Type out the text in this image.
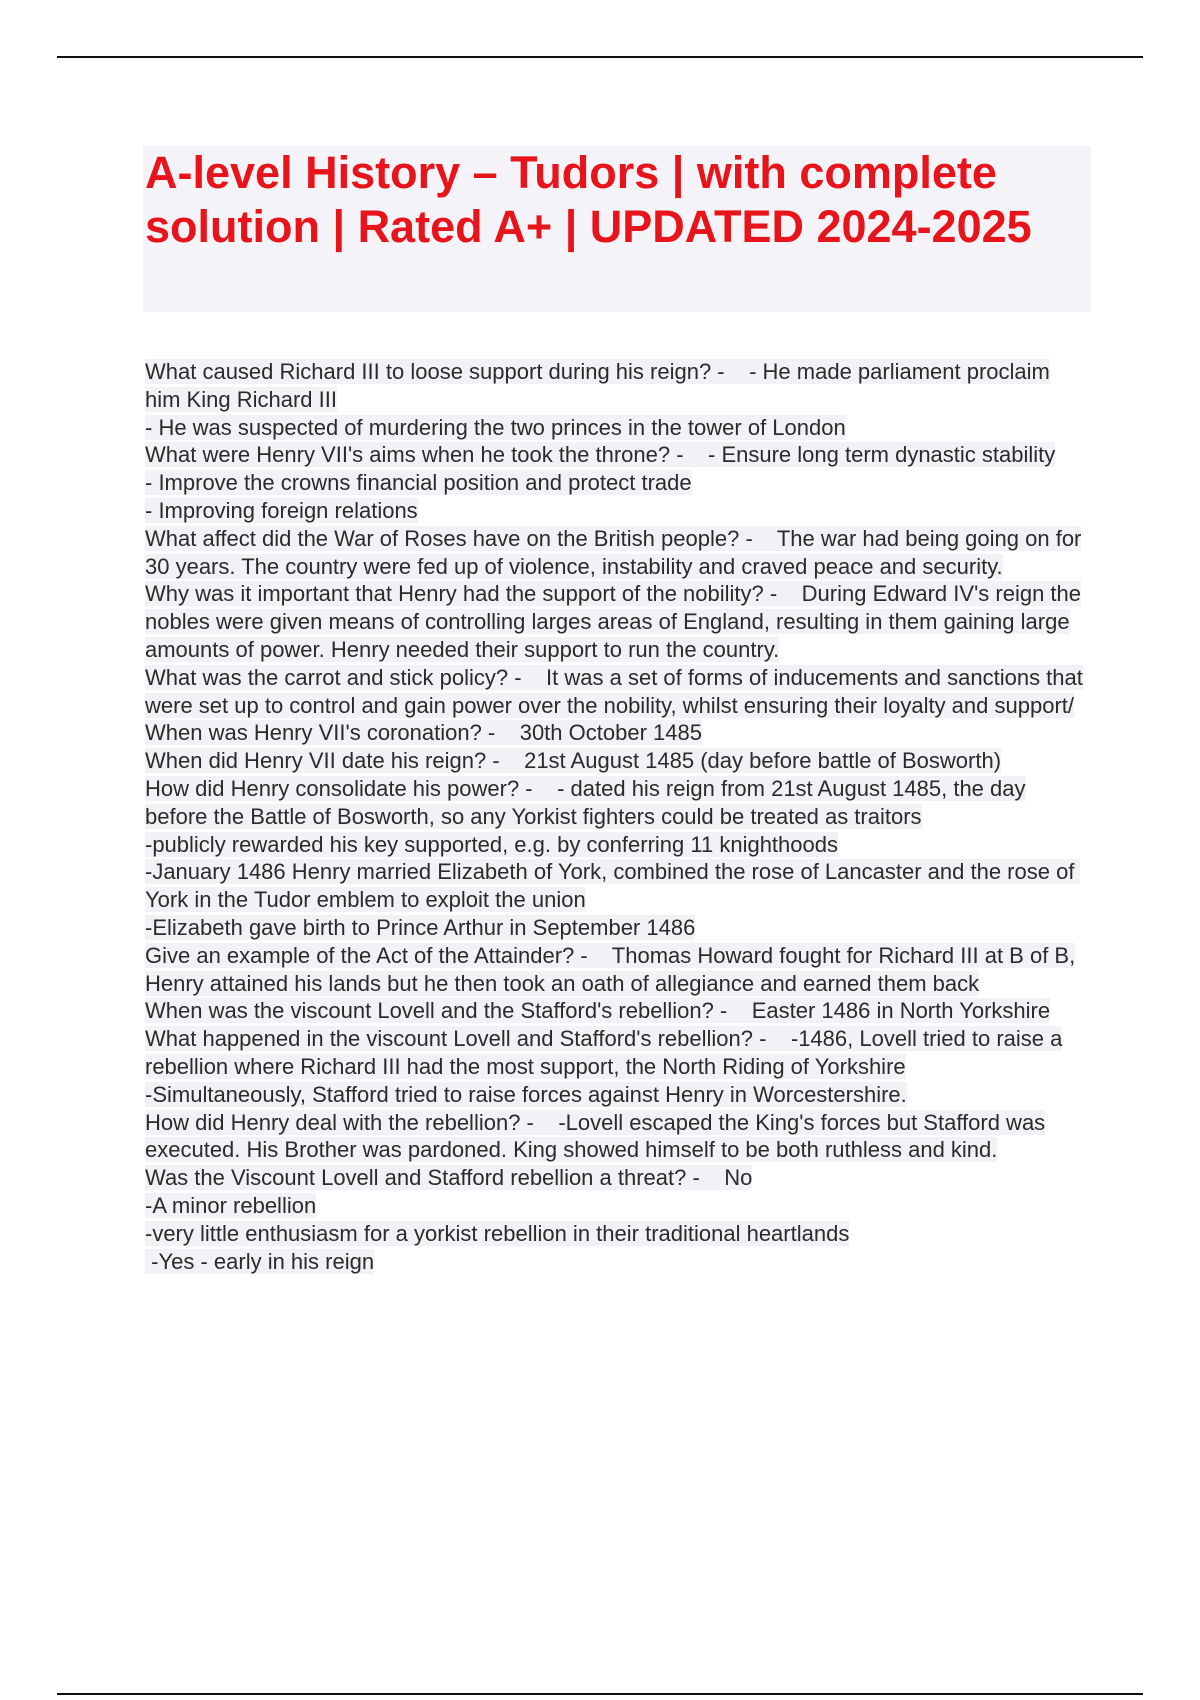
A-level History – Tudors | with complete solution | Rated A+ | UPDATED 2024-2025
What caused Richard III to loose support during his reign? - - He made parliament proclaim him King Richard III
- He was suspected of murdering the two princes in the tower of London
What were Henry VII's aims when he took the throne? - - Ensure long term dynastic stability
- Improve the crowns financial position and protect trade
- Improving foreign relations
What affect did the War of Roses have on the British people? - The war had being going on for 30 years. The country were fed up of violence, instability and craved peace and security.
Why was it important that Henry had the support of the nobility? - During Edward IV's reign the nobles were given means of controlling larges areas of England, resulting in them gaining large amounts of power. Henry needed their support to run the country.
What was the carrot and stick policy? - It was a set of forms of inducements and sanctions that were set up to control and gain power over the nobility, whilst ensuring their loyalty and support/
When was Henry VII's coronation? - 30th October 1485
When did Henry VII date his reign? - 21st August 1485 (day before battle of Bosworth)
How did Henry consolidate his power? - - dated his reign from 21st August 1485, the day before the Battle of Bosworth, so any Yorkist fighters could be treated as traitors
-publicly rewarded his key supported, e.g. by conferring 11 knighthoods
-January 1486 Henry married Elizabeth of York, combined the rose of Lancaster and the rose of York in the Tudor emblem to exploit the union
-Elizabeth gave birth to Prince Arthur in September 1486
Give an example of the Act of the Attainder? - Thomas Howard fought for Richard III at B of B, Henry attained his lands but he then took an oath of allegiance and earned them back
When was the viscount Lovell and the Stafford's rebellion? - Easter 1486 in North Yorkshire
What happened in the viscount Lovell and Stafford's rebellion? - -1486, Lovell tried to raise a rebellion where Richard III had the most support, the North Riding of Yorkshire
-Simultaneously, Stafford tried to raise forces against Henry in Worcestershire.
How did Henry deal with the rebellion? - -Lovell escaped the King's forces but Stafford was executed. His Brother was pardoned. King showed himself to be both ruthless and kind.
Was the Viscount Lovell and Stafford rebellion a threat? - No
-A minor rebellion
-very little enthusiasm for a yorkist rebellion in their traditional heartlands
-Yes - early in his reign
